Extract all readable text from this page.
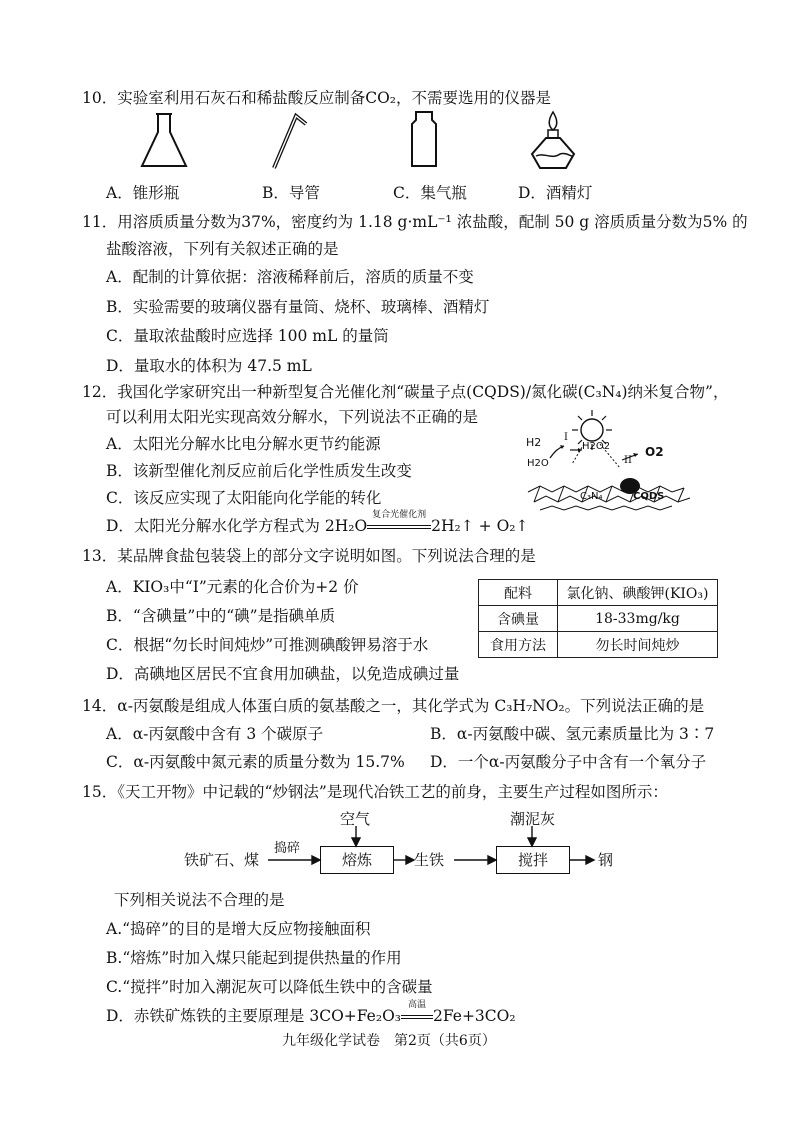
10．实验室利用石灰石和稀盐酸反应制备CO₂，不需要选用的仪器是
A．锥形瓶	B．导管	C．集气瓶	D．酒精灯
11．用溶质质量分数为37%，密度约为 1.18 g·mL⁻¹ 浓盐酸，配制 50 g 溶质质量分数为5% 的
盐酸溶液，下列有关叙述正确的是
A．配制的计算依据：溶液稀释前后，溶质的质量不变
B．实验需要的玻璃仪器有量筒、烧杯、玻璃棒、酒精灯
C．量取浓盐酸时应选择 100 mL 的量筒
D．量取水的体积为 47.5 mL
12．我国化学家研究出一种新型复合光催化剂“碳量子点(CQDS)/氮化碳(C₃N₄)纳米复合物”，
可以利用太阳光实现高效分解水，下列说法不正确的是
A．太阳光分解水比电分解水更节约能源
B．该新型催化剂反应前后化学性质发生改变
C．该反应实现了太阳能向化学能的转化
D．太阳光分解水化学方程式为 2H₂O
复合光催化剂
2H₂↑ + O₂↑
H2
H2O
H2O2	O2
I
II
C₃N₄	CQDS
13．某品牌食盐包装袋上的部分文字说明如图。下列说法合理的是
A．KIO₃中“I”元素的化合价为+2 价
B．“含碘量”中的“碘”是指碘单质
C．根据“勿长时间炖炒”可推测碘酸钾易溶于水
D．高碘地区居民不宜食用加碘盐，以免造成碘过量
配料	氯化钠、碘酸钾(KIO₃)
含碘量	18-33mg/kg
食用方法	勿长时间炖炒
14．α-丙氨酸是组成人体蛋白质的氨基酸之一，其化学式为 C₃H₇NO₂。下列说法正确的是
A．α-丙氨酸中含有 3 个碳原子	B．α-丙氨酸中碳、氢元素质量比为 3∶7
C．α-丙氨酸中氮元素的质量分数为 15.7% D．一个α-丙氨酸分子中含有一个氧分子
15．《天工开物》中记载的“炒钢法”是现代冶铁工艺的前身，主要生产过程如图所示：
铁矿石、煤
捣碎
空气
熔炼	生铁
潮泥灰
搅拌	钢
下列相关说法不合理的是
A.“捣碎”的目的是增大反应物接触面积
B.“熔炼”时加入煤只能起到提供热量的作用
C.“搅拌”时加入潮泥灰可以降低生铁中的含碳量
D．赤铁矿炼铁的主要原理是 3CO+Fe₂O₃
高温
2Fe+3CO₂
九年级化学试卷　第2页（共6页）
